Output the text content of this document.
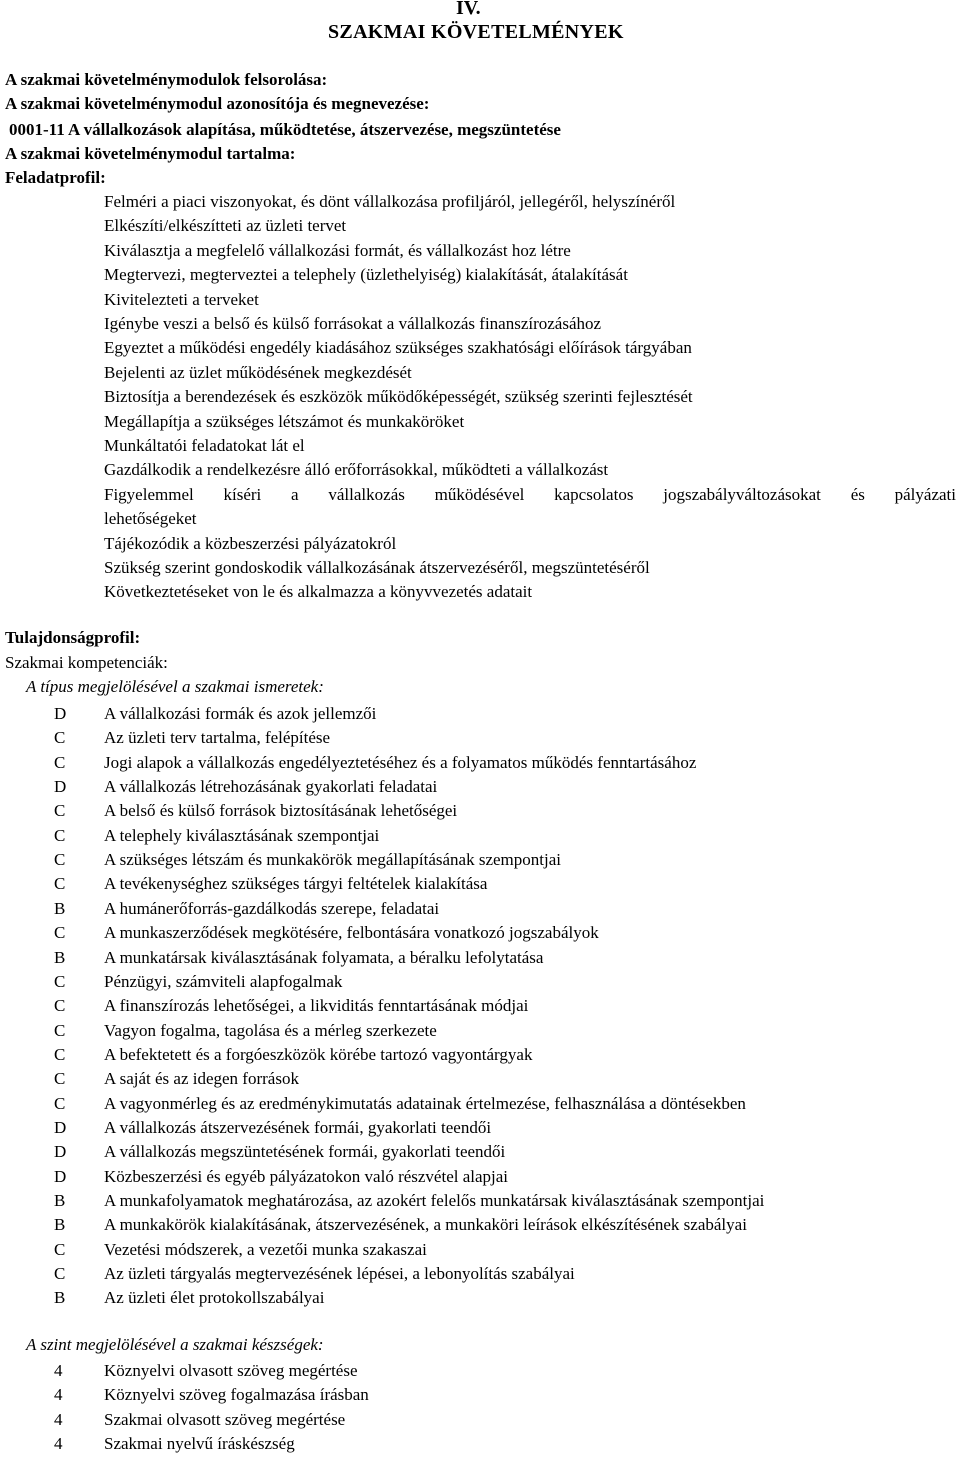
IV.
SZAKMAI KÖVETELMÉNYEK
A szakmai követelménymodulok felsorolása:
A szakmai követelménymodul azonosítója és megnevezése:
0001-11 A vállalkozások alapítása, működtetése, átszervezése, megszüntetése
A szakmai követelménymodul tartalma:
Feladatprofil:
Felméri a piaci viszonyokat, és dönt vállalkozása profiljáról, jellegéről, helyszínéről
Elkészíti/elkészítteti az üzleti tervet
Kiválasztja a megfelelő vállalkozási formát, és vállalkozást hoz létre
Megtervezi, megterveztei a telephely (üzlethelyiség) kialakítását, átalakítását
Kivitelezteti a terveket
Igénybe veszi a belső és külső forrásokat a vállalkozás finanszírozásához
Egyeztet a működési engedély kiadásához szükséges szakhatósági előírások tárgyában
Bejelenti az üzlet működésének megkezdését
Biztosítja a berendezések és eszközök működőképességét, szükség szerinti fejlesztését
Megállapítja a szükséges létszámot és munkaköröket
Munkáltatói feladatokat lát el
Gazdálkodik a rendelkezésre álló erőforrásokkal, működteti a vállalkozást
Figyelemmel kíséri a vállalkozás működésével kapcsolatos jogszabályváltozásokat és pályázati
lehetőségeket
Tájékozódik a közbeszerzési pályázatokról
Szükség szerint gondoskodik vállalkozásának átszervezéséről, megszüntetéséről
Következtetéseket von le és alkalmazza a könyvvezetés adatait
Tulajdonságprofil:
Szakmai kompetenciák:
A típus megjelölésével a szakmai ismeretek:
D A vállalkozási formák és azok jellemzői
C Az üzleti terv tartalma, felépítése
C Jogi alapok a vállalkozás engedélyeztetéséhez és a folyamatos működés fenntartásához
D A vállalkozás létrehozásának gyakorlati feladatai
C A belső és külső források biztosításának lehetőségei
C A telephely kiválasztásának szempontjai
C A szükséges létszám és munkakörök megállapításának szempontjai
C A tevékenységhez szükséges tárgyi feltételek kialakítása
B A humánerőforrás-gazdálkodás szerepe, feladatai
C A munkaszerződések megkötésére, felbontására vonatkozó jogszabályok
B A munkatársak kiválasztásának folyamata, a béralku lefolytatása
C Pénzügyi, számviteli alapfogalmak
C A finanszírozás lehetőségei, a likviditás fenntartásának módjai
C Vagyon fogalma, tagolása és a mérleg szerkezete
C A befektetett és a forgóeszközök körébe tartozó vagyontárgyak
C A saját és az idegen források
C A vagyonmérleg és az eredménykimutatás adatainak értelmezése, felhasználása a döntésekben
D A vállalkozás átszervezésének formái, gyakorlati teendői
D A vállalkozás megszüntetésének formái, gyakorlati teendői
D Közbeszerzési és egyéb pályázatokon való részvétel alapjai
B A munkafolyamatok meghatározása, az azokért felelős munkatársak kiválasztásának szempontjai
B A munkakörök kialakításának, átszervezésének, a munkaköri leírások elkészítésének szabályai
C Vezetési módszerek, a vezetői munka szakaszai
C Az üzleti tárgyalás megtervezésének lépései, a lebonyolítás szabályai
B Az üzleti élet protokollszabályai
A szint megjelölésével a szakmai készségek:
4 Köznyelvi olvasott szöveg megértése
4 Köznyelvi szöveg fogalmazása írásban
4 Szakmai olvasott szöveg megértése
4 Szakmai nyelvű íráskészség
